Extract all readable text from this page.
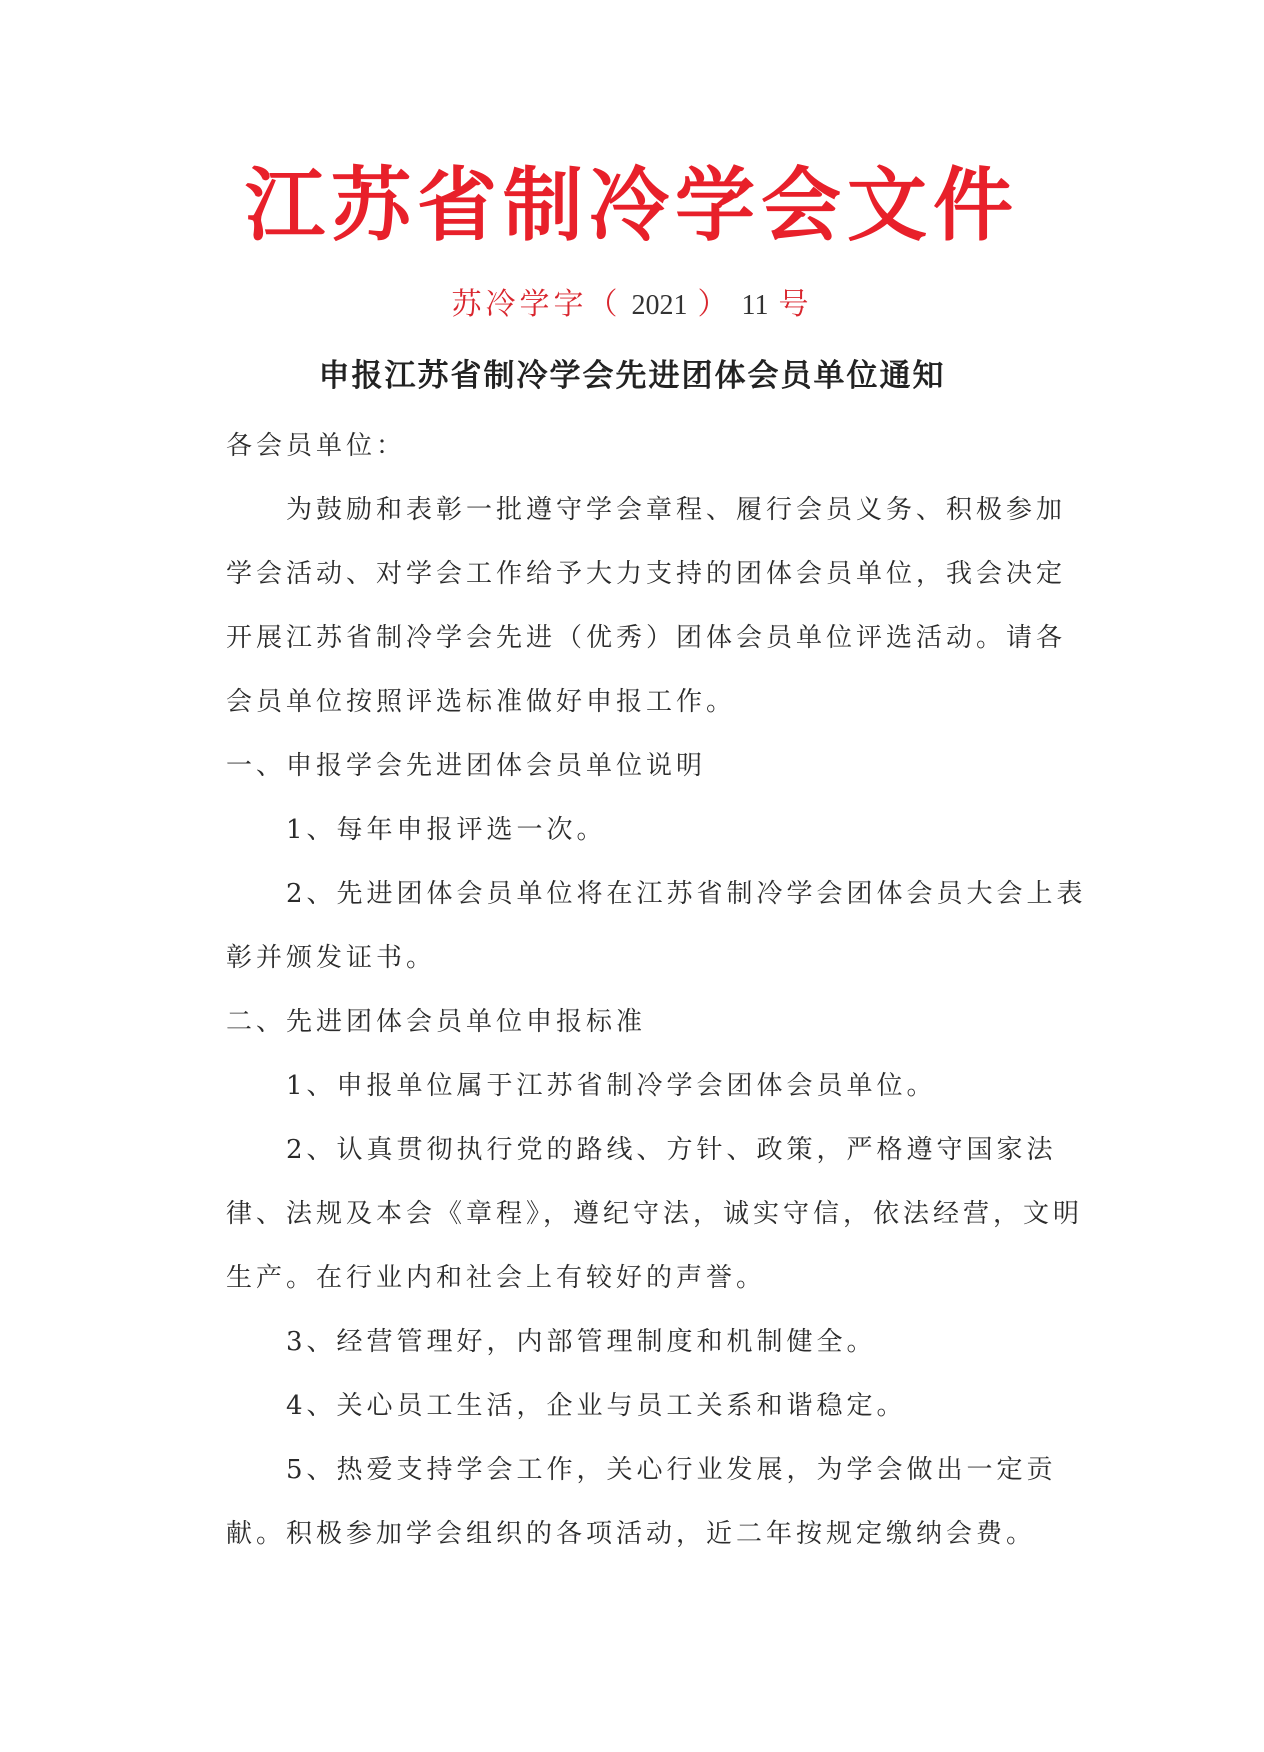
江苏省制冷学会文件
苏冷学字（ 2021 ） 11 号
申报江苏省制冷学会先进团体会员单位通知

各会员单位：

为鼓励和表彰一批遵守学会章程、履行会员义务、积极参加学会活动、对学会工作给予大力支持的团体会员单位，我会决定开展江苏省制冷学会先进（优秀）团体会员单位评选活动。请各会员单位按照评选标准做好申报工作。

一、申报学会先进团体会员单位说明

1、每年申报评选一次。

2、先进团体会员单位将在江苏省制冷学会团体会员大会上表彰并颁发证书。

二、先进团体会员单位申报标准

1、申报单位属于江苏省制冷学会团体会员单位。

2、认真贯彻执行党的路线、方针、政策，严格遵守国家法律、法规及本会《章程》，遵纪守法，诚实守信，依法经营，文明生产。在行业内和社会上有较好的声誉。

3、经营管理好，内部管理制度和机制健全。

4、关心员工生活，企业与员工关系和谐稳定。

5、热爱支持学会工作，关心行业发展，为学会做出一定贡献。积极参加学会组织的各项活动，近二年按规定缴纳会费。
